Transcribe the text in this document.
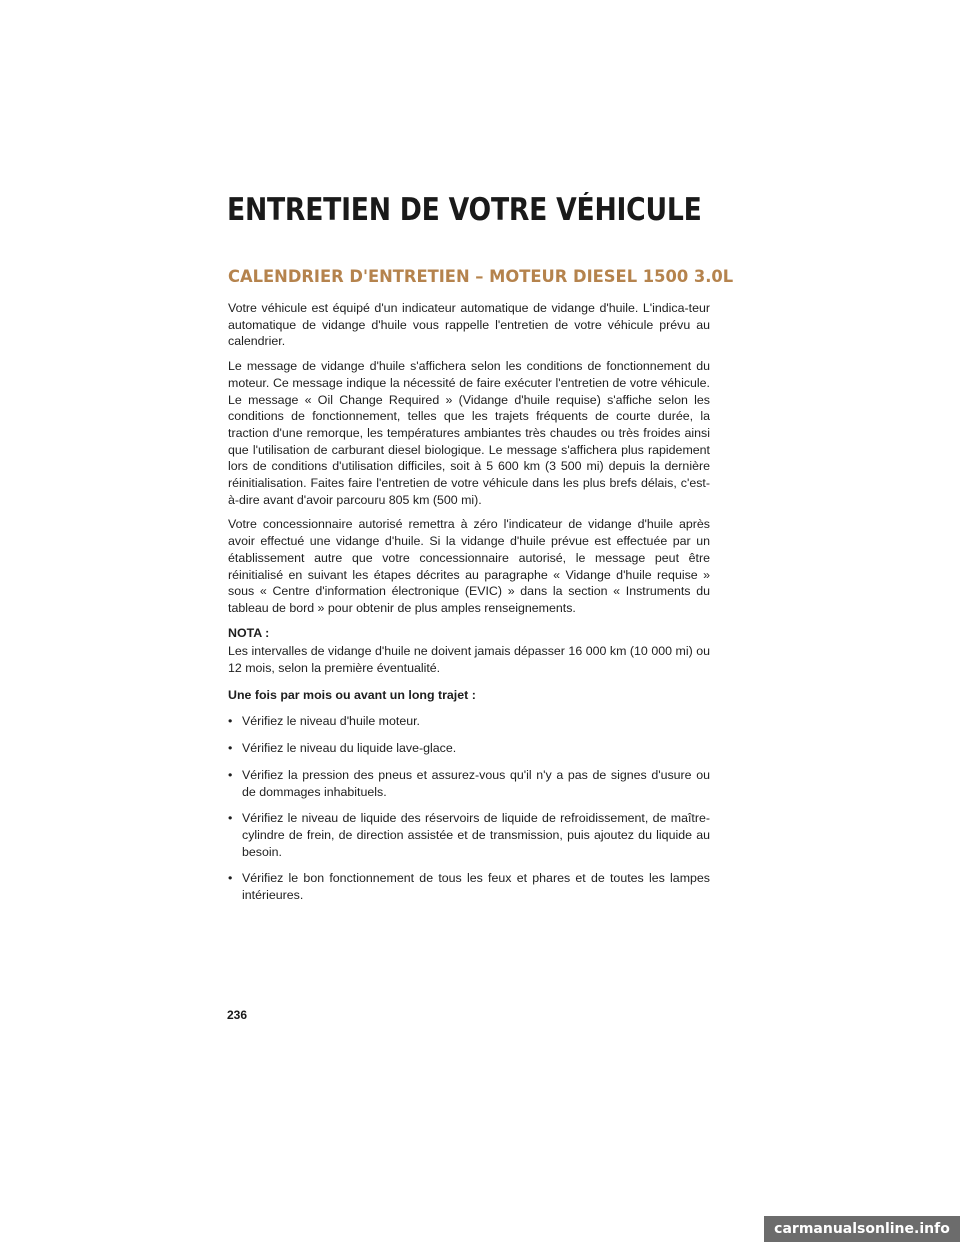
ENTRETIEN DE VOTRE VÉHICULE
CALENDRIER D'ENTRETIEN – MOTEUR DIESEL 1500 3.0L

Votre véhicule est équipé d'un indicateur automatique de vidange d'huile. L'indica-teur automatique de vidange d'huile vous rappelle l'entretien de votre véhicule prévu au calendrier.

Le message de vidange d'huile s'affichera selon les conditions de fonctionnement du moteur. Ce message indique la nécessité de faire exécuter l'entretien de votre véhicule. Le message « Oil Change Required » (Vidange d'huile requise) s'affiche selon les conditions de fonctionnement, telles que les trajets fréquents de courte durée, la traction d'une remorque, les températures ambiantes très chaudes ou très froides ainsi que l'utilisation de carburant diesel biologique. Le message s'affichera plus rapidement lors de conditions d'utilisation difficiles, soit à 5 600 km (3 500 mi) depuis la dernière réinitialisation. Faites faire l'entretien de votre véhicule dans les plus brefs délais, c'est-à-dire avant d'avoir parcouru 805 km (500 mi).

Votre concessionnaire autorisé remettra à zéro l'indicateur de vidange d'huile après avoir effectué une vidange d'huile. Si la vidange d'huile prévue est effectuée par un établissement autre que votre concessionnaire autorisé, le message peut être réinitialisé en suivant les étapes décrites au paragraphe « Vidange d'huile requise » sous « Centre d'information électronique (EVIC) » dans la section « Instruments du tableau de bord » pour obtenir de plus amples renseignements.

NOTA :

Les intervalles de vidange d'huile ne doivent jamais dépasser 16 000 km (10 000 mi) ou 12 mois, selon la première éventualité.

Une fois par mois ou avant un long trajet :
• Vérifiez le niveau d'huile moteur.
• Vérifiez le niveau du liquide lave-glace.
• Vérifiez la pression des pneus et assurez-vous qu'il n'y a pas de signes d'usure ou de dommages inhabituels.
• Vérifiez le niveau de liquide des réservoirs de liquide de refroidissement, de maître-cylindre de frein, de direction assistée et de transmission, puis ajoutez du liquide au besoin.
• Vérifiez le bon fonctionnement de tous les feux et phares et de toutes les lampes intérieures.
236
carmanualsonline.info
